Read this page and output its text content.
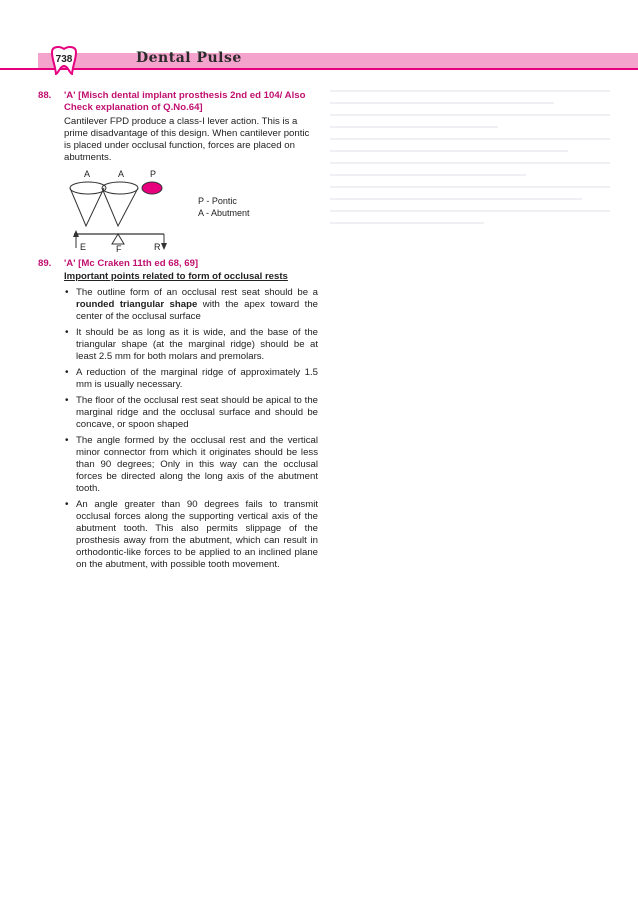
738	Dental Pulse
88.	'A' [Misch dental implant prosthesis 2nd ed 104/ Also Check explanation of Q.No.64]
Cantilever FPD produce a class-I lever action. This is a prime disadvantage of this design. When cantilever pontic is placed under occlusal function, forces are placed on abutments.
A	A	P
E	F	R
P - Pontic
A - Abutment
89.	'A' [Mc Craken 11th ed 68, 69]
Important points related to form of occlusal rests
• The outline form of an occlusal rest seat should be a rounded triangular shape with the apex toward the center of the occlusal surface
• It should be as long as it is wide, and the base of the triangular shape (at the marginal ridge) should be at least 2.5 mm for both molars and premolars.
• A reduction of the marginal ridge of approximately 1.5 mm is usually necessary.
• The floor of the occlusal rest seat should be apical to the marginal ridge and the occlusal surface and should be concave, or spoon shaped
• The angle formed by the occlusal rest and the vertical minor connector from which it originates should be less than 90 degrees; Only in this way can the occlusal forces be directed along the long axis of the abutment tooth.
• An angle greater than 90 degrees fails to transmit occlusal forces along the supporting vertical axis of the abutment tooth. This also permits slippage of the prosthesis away from the abutment, which can result in orthodontic-like forces to be applied to an inclined plane on the abutment, with possible tooth movement.
